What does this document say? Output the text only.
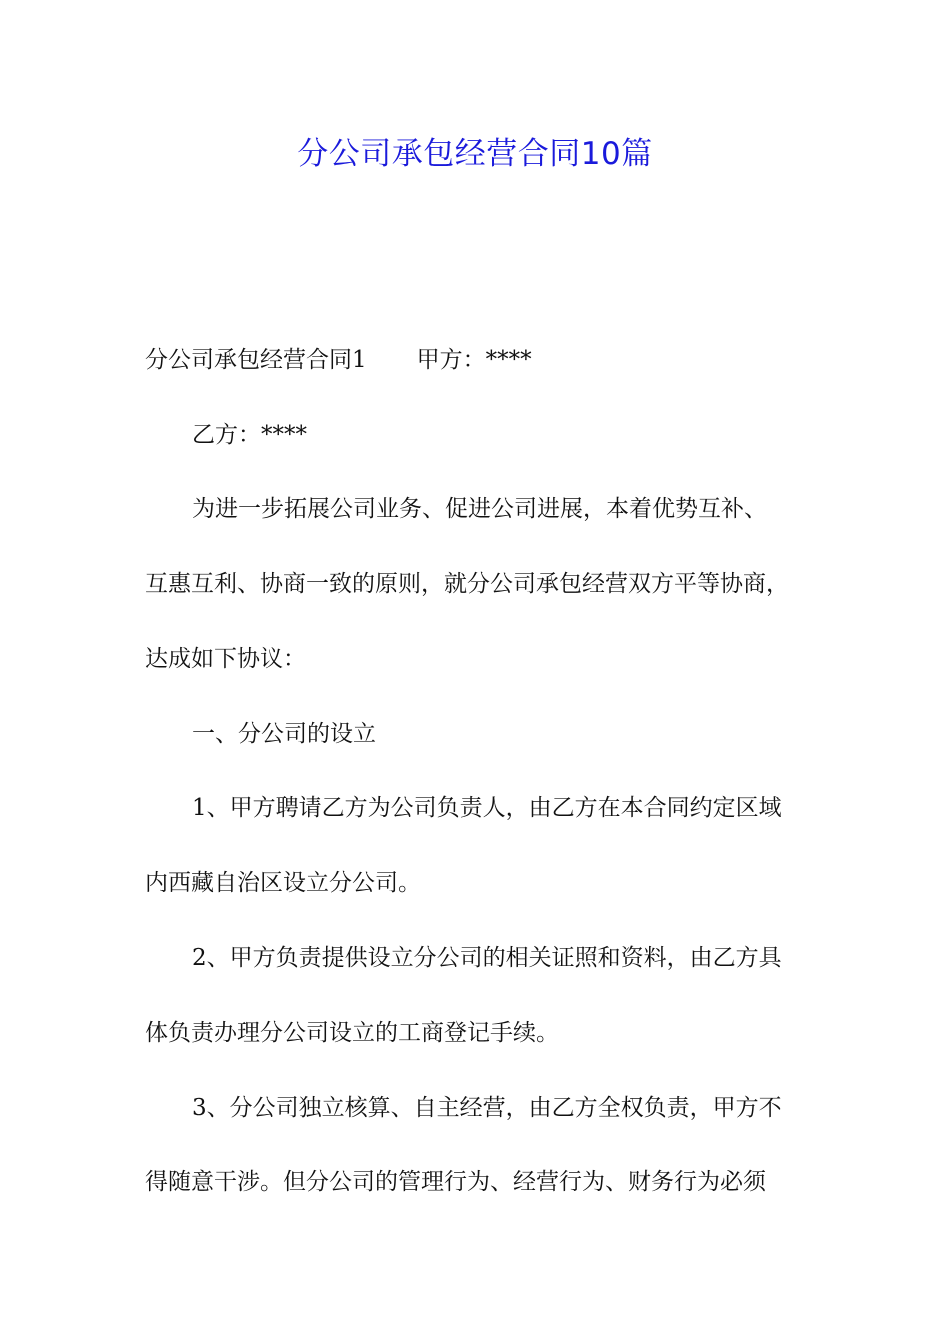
分公司承包经营合同10篇

分公司承包经营合同1 甲方：****

乙方：****

为进一步拓展公司业务、促进公司进展，本着优势互补、

互惠互利、协商一致的原则，就分公司承包经营双方平等协商，

达成如下协议：

一、分公司的设立

1、甲方聘请乙方为公司负责人，由乙方在本合同约定区域

内西藏自治区设立分公司。

2、甲方负责提供设立分公司的相关证照和资料，由乙方具

体负责办理分公司设立的工商登记手续。

3、分公司独立核算、自主经营，由乙方全权负责，甲方不

得随意干涉。但分公司的管理行为、经营行为、财务行为必须
